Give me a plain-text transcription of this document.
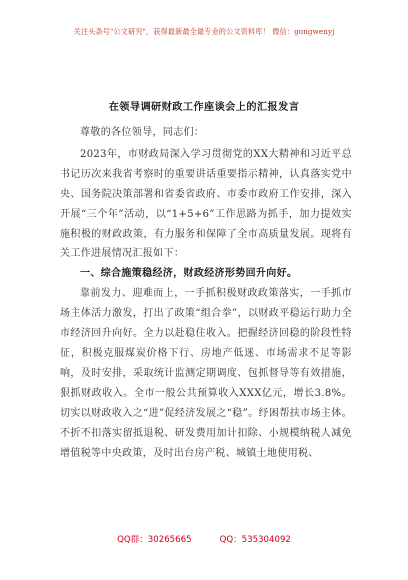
关注头条号"公文研究"，获得最新最全最专业的公文资料库！ 微信：gongwenyj
在领导调研财政工作座谈会上的汇报发言

尊敬的各位领导，同志们：

2023年，市财政局深入学习贯彻党的XX大精神和习近平总书记历次来我省考察时的重要讲话重要指示精神，认真落实党中央、国务院决策部署和省委省政府、市委市政府工作安排，深入开展“三个年”活动，以“1+5+6”工作思路为抓手，加力提效实施积极的财政政策，有力服务和保障了全市高质量发展。现将有关工作进展情况汇报如下：

一、综合施策稳经济，财政经济形势回升向好。

靠前发力、迎难而上，一手抓积极财政政策落实，一手抓市场主体活力激发，打出了政策“组合拳”，以财政平稳运行助力全市经济回升向好。全力以赴稳住收入。把握经济回稳的阶段性特征，积极克服煤炭价格下行、房地产低迷、市场需求不足等影响，及时安排，采取统计监测定期调度、包抓督导等有效措施，狠抓财政收入。全市一般公共预算收入XXX亿元，增长3.8%。切实以财政收入之“进”促经济发展之“稳”。纾困帮扶市场主体。不折不扣落实留抵退税、研发费用加计扣除、小规模纳税人减免增值税等中央政策，及时出台房产税、城镇土地使用税、

QQ群：30265665	QQ：535304092
